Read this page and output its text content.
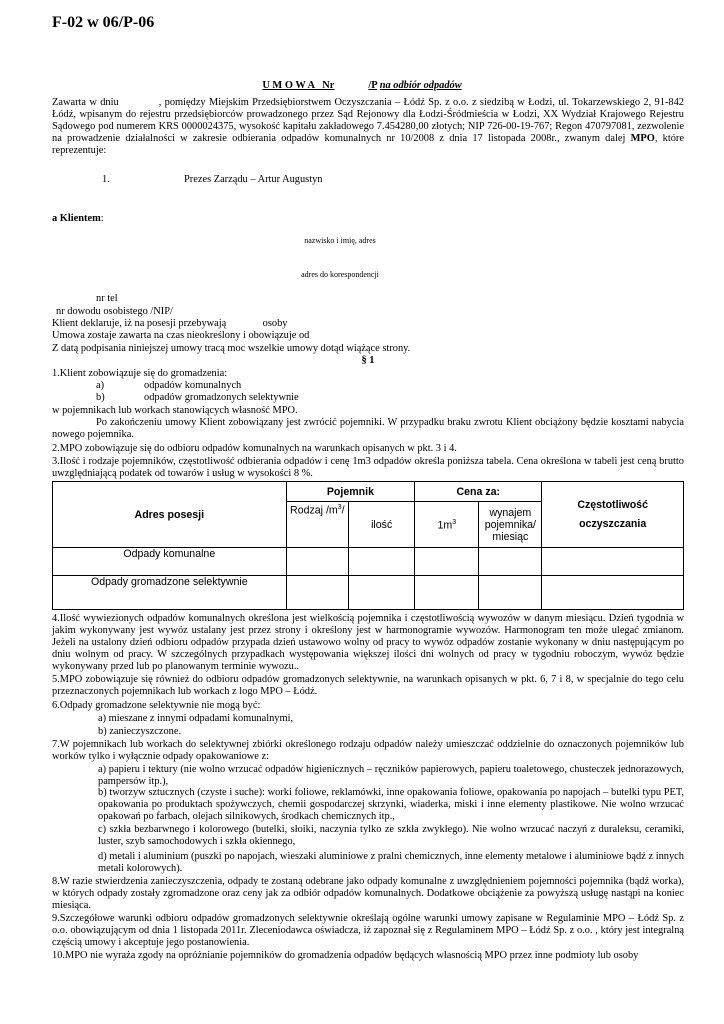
F-02 w 06/P-06
U M O W A   Nr	/P na odbiór odpadów
Zawarta w dniu            , pomiędzy Miejskim Przedsiębiorstwem Oczyszczania – Łódź Sp. z o.o. z siedzibą w Łodzi, ul. Tokarzewskiego 2, 91-842 Łódź, wpisanym do rejestru przedsiębiorców prowadzonego przez Sąd Rejonowy dla Łodzi-Śródmieścia w Łodzi, XX Wydział Krajowego Rejestru Sądowego pod numerem KRS 0000024375, wysokość kapitału zakładowego 7.454280,00 złotych; NIP 726-00-19-767; Regon 470797081, zezwolenie na prowadzenie działalności w zakresie odbierania odpadów komunalnych nr 10/2008 z dnia 17 listopada 2008r., zwanym dalej MPO, które reprezentuje:
1.	Prezes Zarządu – Artur Augustyn
a Klientem:
nazwisko i imię, adres
adres do korespondencji
nr tel
nr dowodu osobistego /NIP/
Klient deklaruje, iż na posesji przebywają              osoby
Umowa zostaje zawarta na czas nieokreślony i obowiązuje od
Z datą podpisania niniejszej umowy tracą moc wszelkie umowy dotąd wiążące strony.
§ 1
1.Klient zobowiązuje się do gromadzenia:
a)	odpadów komunalnych
b)	odpadów gromadzonych selektywnie
w pojemnikach lub workach stanowiących własność MPO.
Po zakończeniu umowy Klient zobowiązany jest zwrócić pojemniki. W przypadku braku zwrotu Klient obciążony będzie kosztami nabycia nowego pojemnika.
2.MPO zobowiązuje się do odbioru odpadów komunalnych na warunkach opisanych w pkt. 3 i 4.
3.Ilość i rodzaje pojemników, częstotliwość odbierania odpadów i cenę 1m3 odpadów określa poniższa tabela. Cena określona w tabeli jest ceną brutto uwzględniającą podatek od towarów i usług w wysokości 8 %.
Adres posesji	Pojemnik		Cena za:		Częstotliwość
oczyszczania
	Rodzaj $/m^3/$	ilość	$1m^3$	wynajem pojemnika/ miesiąc	
Odpady komunalne					
Odpady gromadzone selektywnie					
4.Ilość wywiezionych odpadów komunalnych określona jest wielkością pojemnika i częstotliwością wywozów w danym miesiącu. Dzień tygodnia w jakim wykonywany jest wywóz ustalany jest przez strony i określony jest w harmonogramie wywozów. Harmonogram ten może ulegać zmianom. Jeżeli na ustalony dzień odbioru odpadów przypada dzień ustawowo wolny od pracy to wywóz odpadów zostanie wykonany w dniu następującym po dniu wolnym od pracy. W szczególnych przypadkach występowania większej ilości dni wolnych od pracy w tygodniu roboczym, wywóz będzie wykonywany przed lub po planowanym terminie wywozu..
5.MPO zobowiązuje się również do odbioru odpadów gromadzonych selektywnie, na warunkach opisanych w pkt. 6, 7 i 8, w specjalnie do tego celu przeznaczonych pojemnikach lub workach z logo MPO – Łódź.
6.Odpady gromadzone selektywnie nie mogą być:
a) mieszane z innymi odpadami komunalnymi,
b) zanieczyszczone.
7.W pojemnikach lub workach do selektywnej zbiórki określonego rodzaju odpadów należy umieszczać oddzielnie do oznaczonych pojemników lub worków tylko i wyłącznie odpady opakowaniowe z:
a) papieru i tektury (nie wolno wrzucać odpadów higienicznych – ręczników papierowych, papieru toaletowego, chusteczek jednorazowych, pampersów itp.),
b) tworzyw sztucznych (czyste i suche): worki foliowe, reklamówki, inne opakowania foliowe, opakowania po napojach – butelki typu PET, opakowania po produktach spożywczych, chemii gospodarczej skrzynki, wiaderka, miski i inne elementy plastikowe. Nie wolno wrzucać opakowań po farbach, olejach silnikowych, środkach chemicznych itp.,
c) szkła bezbarwnego i kolorowego (butelki, słoiki, naczynia tylko ze szkła zwykłego). Nie wolno wrzucać naczyń z duraleksu, ceramiki, luster, szyb samochodowych i szkła okiennego,
d) metali i aluminium (puszki po napojach, wieszaki aluminiowe z pralni chemicznych, inne elementy metalowe i aluminiowe bądź z innych metali kolorowych).
8.W razie stwierdzenia zanieczyszczenia, odpady te zostaną odebrane jako odpady komunalne z uwzględnieniem pojemności pojemnika (bądź worka), w których odpady zostały zgromadzone oraz ceny jak za odbiór odpadów komunalnych. Dodatkowe obciążenie za powyższą usługę nastąpi na koniec miesiąca.
9.Szczegółowe warunki odbioru odpadów gromadzonych selektywnie określają ogólne warunki umowy zapisane w Regulaminie MPO – Łódź Sp. z o.o. obowiązującym od dnia 1 listopada 2011r. Zleceniodawca oświadcza, iż zapoznał się z Regulaminem MPO – Łódź Sp. z o.o. , który jest integralną częścią umowy i akceptuje jego postanowienia.
10.MPO nie wyraża zgody na opróżnianie pojemników do gromadzenia odpadów będących własnością MPO przez inne podmioty lub osoby
